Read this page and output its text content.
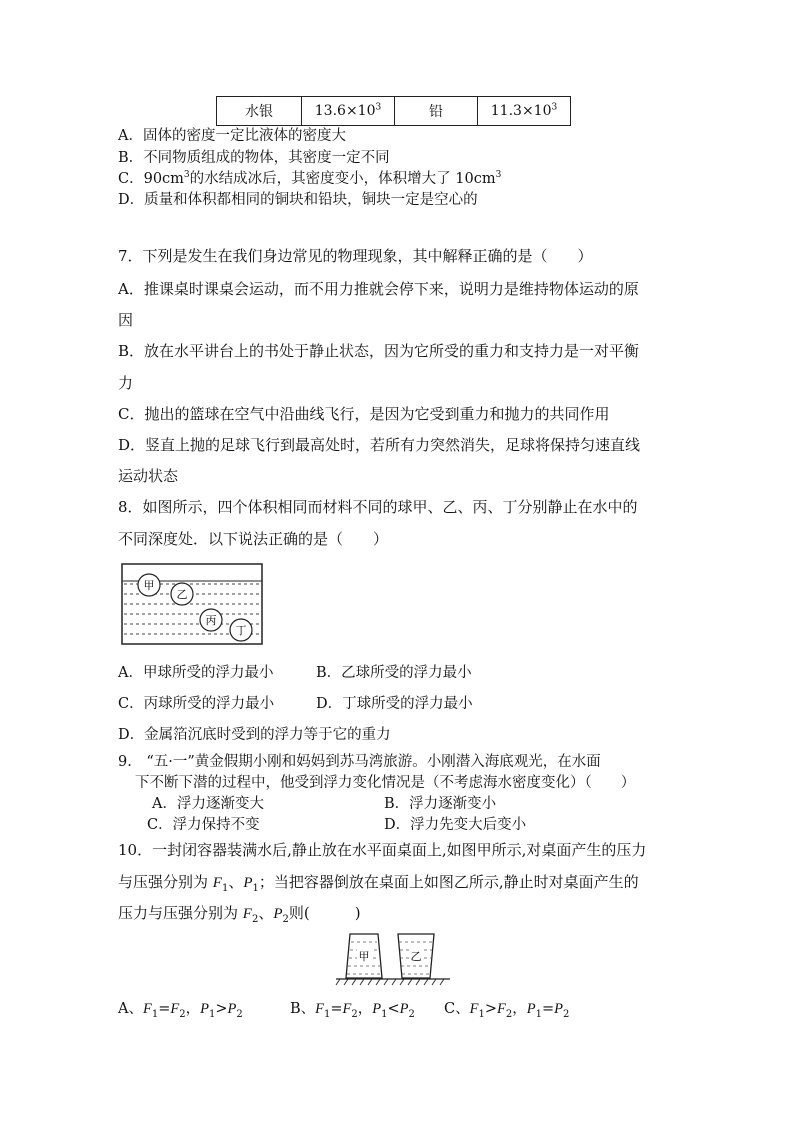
水银	$13.6\times 10^3$	铅	$11.3\times 10^3$
A．固体的密度一定比液体的密度大
B．不同物质组成的物体，其密度一定不同
C．$90cm^3$的水结成冰后，其密度变小，体积增大了 $10cm^3$
D．质量和体积都相同的铜块和铅块，铜块一定是空心的
7．下列是发生在我们身边常见的物理现象，其中解释正确的是（　　）
A．推课桌时课桌会运动，而不用力推就会停下来，说明力是维持物体运动的原
因
B．放在水平讲台上的书处于静止状态，因为它所受的重力和支持力是一对平衡
力
C．抛出的篮球在空气中沿曲线飞行，是因为它受到重力和抛力的共同作用
D．竖直上抛的足球飞行到最高处时，若所有力突然消失，足球将保持匀速直线
运动状态
8．如图所示，四个体积相同而材料不同的球甲、乙、丙、丁分别静止在水中的
不同深度处．以下说法正确的是（　　）
甲
乙
丙
丁
A．甲球所受的浮力最小	B．乙球所受的浮力最小
C．丙球所受的浮力最小	D．丁球所受的浮力最小
D．金属箔沉底时受到的浮力等于它的重力
9.　“五·一”黄金假期小刚和妈妈到苏马湾旅游。小刚潜入海底观光，在水面
下不断下潜的过程中，他受到浮力变化情况是（不考虑海水密度变化）（　　）
A．浮力逐渐变大	B．浮力逐渐变小
C．浮力保持不变	D．浮力先变大后变小
10．一封闭容器装满水后,静止放在水平面桌面上,如图甲所示,对桌面产生的压力
与压强分别为 $F_1$、$P_1$；当把容器倒放在桌面上如图乙所示,静止时对桌面产生的
压力与压强分别为 $F_2$、$P_2$则(　　　)
甲	乙
A、$F_1=F_2$，$P_1>P_2$	B、$F_1=F_2$，$P_1<P_2$ C、$F_1>F_2$，$P_1=P_2$
